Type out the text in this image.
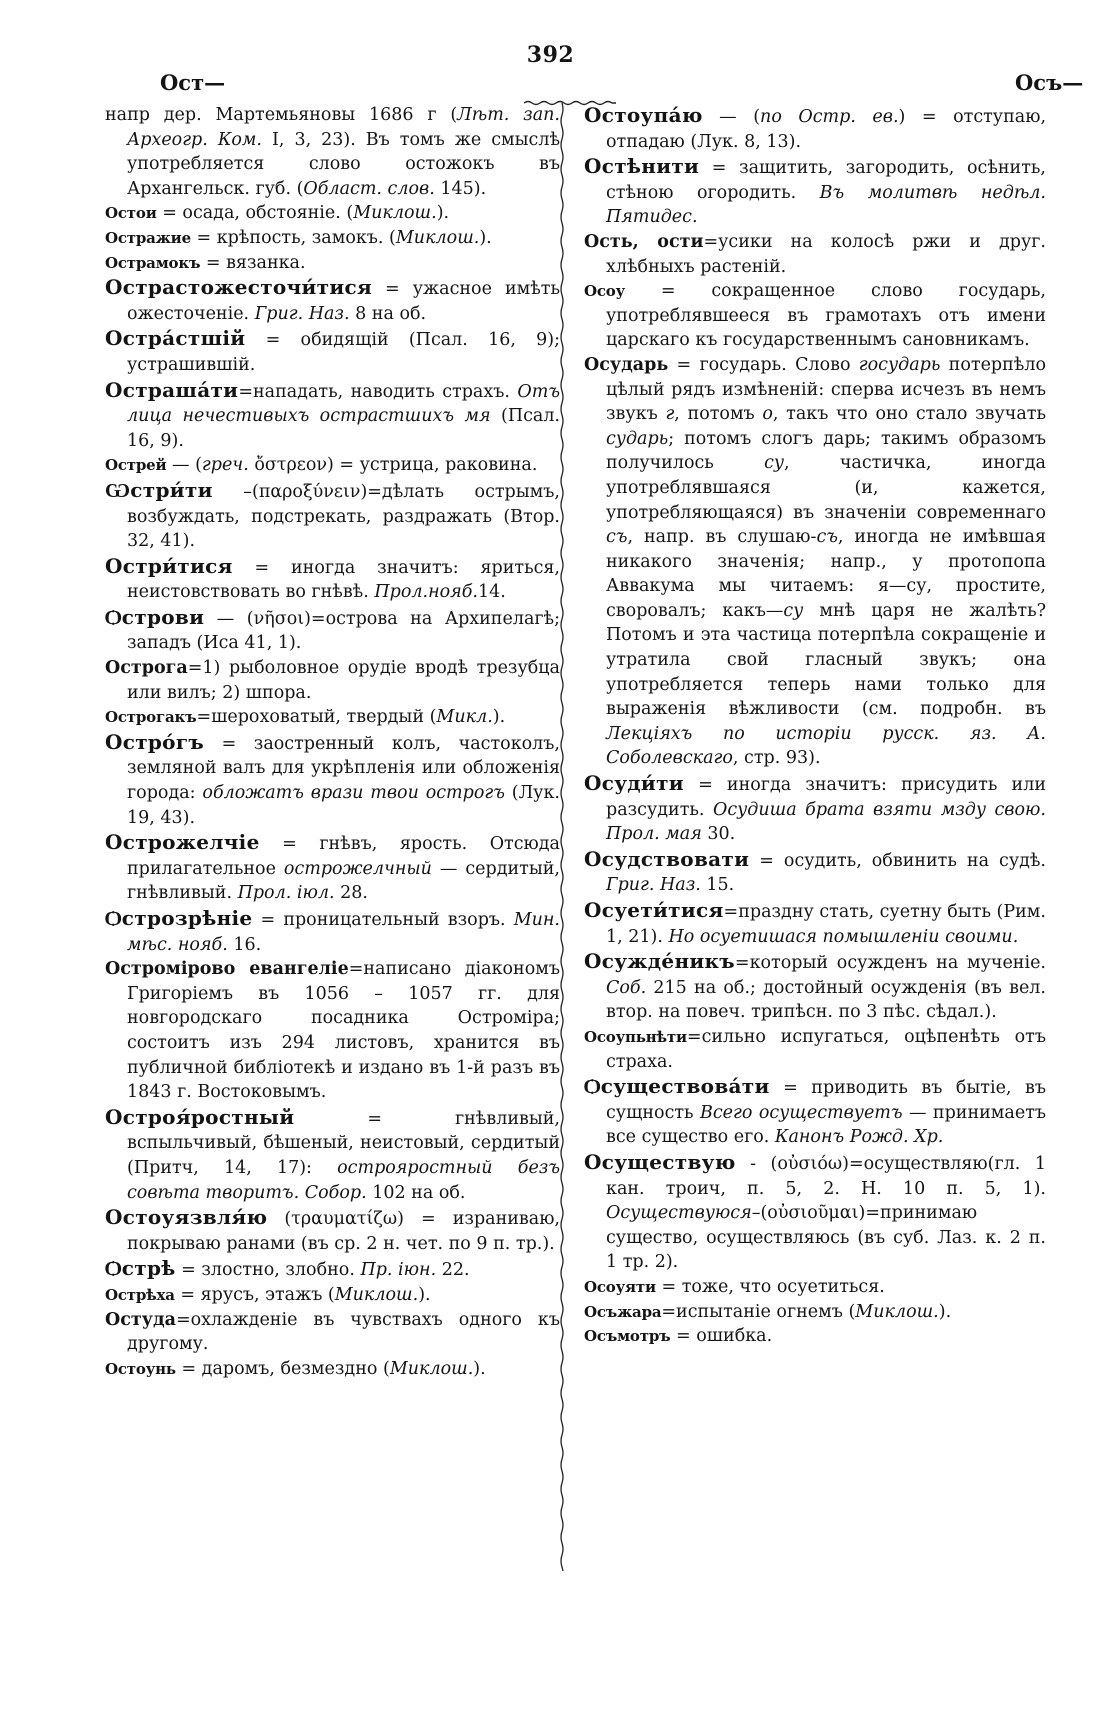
392
Ост—	Осъ—

напр дер. Мартемьяновы 1686 г (Лѣт. зап. Археогр. Ком. I, 3, 23). Въ томъ же смыслѣ употребляется слово остожокъ въ Архангельск. губ. (Област. слов. 145).

Остои = осада, обстояніе. (Миклош.).

Остражие = крѣпость, замокъ. (Миклош.).

Острамокъ = вязанка.

Остраcтожесточи́тися = ужасное имѣть ожесточеніе. Григ. Наз. 8 на об.

Остра́стшій = обидящій (Псал. 16, 9); устрашившій.

Острашáти=нападать, наводить страхъ. Отъ лица нечестивыхъ острастшихъ мя (Псал. 16, 9).

Острей — (греч. ὄστρεον) = устрица, раковина.

Ѡстри́ти –(παροξύνειν)=дѣлать острымъ, возбуждать, подстрекать, раздражать (Втор. 32, 41).

Остри́тися = иногда значитъ: яриться, неистовствовать во гнѣвѣ. Прол.нояб.14.

Ѻстрови — (νῆσοι)=острова на Архипелагѣ; западъ (Иса 41, 1).

Острога=1) рыболовное орудіе вродѣ трезубца или вилъ; 2) шпора.

Острогакъ=шероховатый, твердый (Микл.).

Остро́гъ = заостренный колъ, частоколъ, земляной валъ для укрѣпленія или обложенія города: обложатъ врази твои острогъ (Лук. 19, 43).

Острожелчіе = гнѣвъ, ярость. Отсюда прилагательное острожелчный — сердитый, гнѣвливый. Прол. іюл. 28.

Ѻстрозрѣніе = проницательный взоръ. Мин. мѣс. нояб. 16.

Остромірово евангеліе=написано діакономъ Григоріемъ въ 1056 – 1057 гг. для новгородскаго посадника Остроміра; состоитъ изъ 294 листовъ, хранится въ публичной библіотекѣ и издано въ 1-й разъ въ 1843 г. Востоковымъ.

Остроя́ростный = гнѣвливый, вспыльчивый, бѣшеный, неистовый, сердитый (Притч, 14, 17): острояростный безъ совѣта творитъ. Собор. 102 на об.

Остоуязвля́ю (τραυματίζω) = изранивaю, покрываю ранами (въ ср. 2 н. чет. по 9 п. тр.).

Ѻстрѣ = злостно, злобно. Пр. іюн. 22.

Острѣха = ярусъ, этажъ (Миклош.).

Остуда=охлажденіе въ чувствахъ одного къ другому.

Остоунь = даромъ, безмездно (Миклош.).

Остоупа́ю — (по Остр. ев.) = отступаю, отпадаю (Лук. 8, 13).

Остѣнити = защитить, загородить, осѣнить, стѣною огородить. Въ молитвѣ недѣл. Пятидес.

Ость, ости=усики на колосѣ ржи и друг. хлѣбныхъ растеній.

Осоу = сокращенное слово государь, употреблявшееся въ грамотахъ отъ имени царскаго къ государственнымъ сановникамъ.

Осударь = государь. Слово государь потерпѣло цѣлый рядъ измѣненій: сперва исчезъ въ немъ звукъ г, потомъ о, такъ что оно стало звучать сударь; потомъ слогъ дарь; такимъ образомъ получилось су, частичка, иногда употреблявшаяся (и, кажется, употребляющаяся) въ значеніи современнаго съ, напр. въ слушаю-съ, иногда не имѣвшая никакого значенія; напр., у протопопа Аввакума мы читаемъ: я—су, простите, своровалъ; какъ—су мнѣ царя не жалѣть? Потомъ и эта частица потерпѣла сокращеніе и утратила свой гласный звукъ; она употребляется теперь нами только для выраженія вѣжливости (см. подробн. въ Лекціяхъ по исторіи русск. яз. А. Соболевскаго, стр. 93).

Осуди́ти = иногда значитъ: присудить или разсудить. Осудиша брата взяти мзду свою. Прол. мая 30.

Осудствовати = осудить, обвинить на судѣ. Григ. Наз. 15.

Осуети́тися=праздну стать, суетну быть (Рим. 1, 21). Но осуетишася помышленіи своими.

Осужде́никъ=который осужденъ на мученіе. Соб. 215 на об.; достойный осужденія (въ вел. втор. на повеч. трипѣсн. по 3 пѣс. сѣдал.).

Осоупьнѣти=сильно испугаться, оцѣпенѣть отъ страха.

Ѻсуществова́ти = приводить въ бытіе, въ сущность Всего осуществуетъ — принимаетъ все существо его. Канонъ Рожд. Хр.

Осуществую - (οὐσιόω)=осуществляю(гл. 1 кан. троич, п. 5, 2. Н. 10 п. 5, 1). Осуществуюся–(οὐσιοῦμαι)=принимаю существо, осуществляюсь (въ суб. Лаз. к. 2 п. 1 тр. 2).

Осоуяти = тоже, что осуетиться.

Осъжара=испытаніе огнемъ (Миклош.).

Осъмотръ = ошибка.
